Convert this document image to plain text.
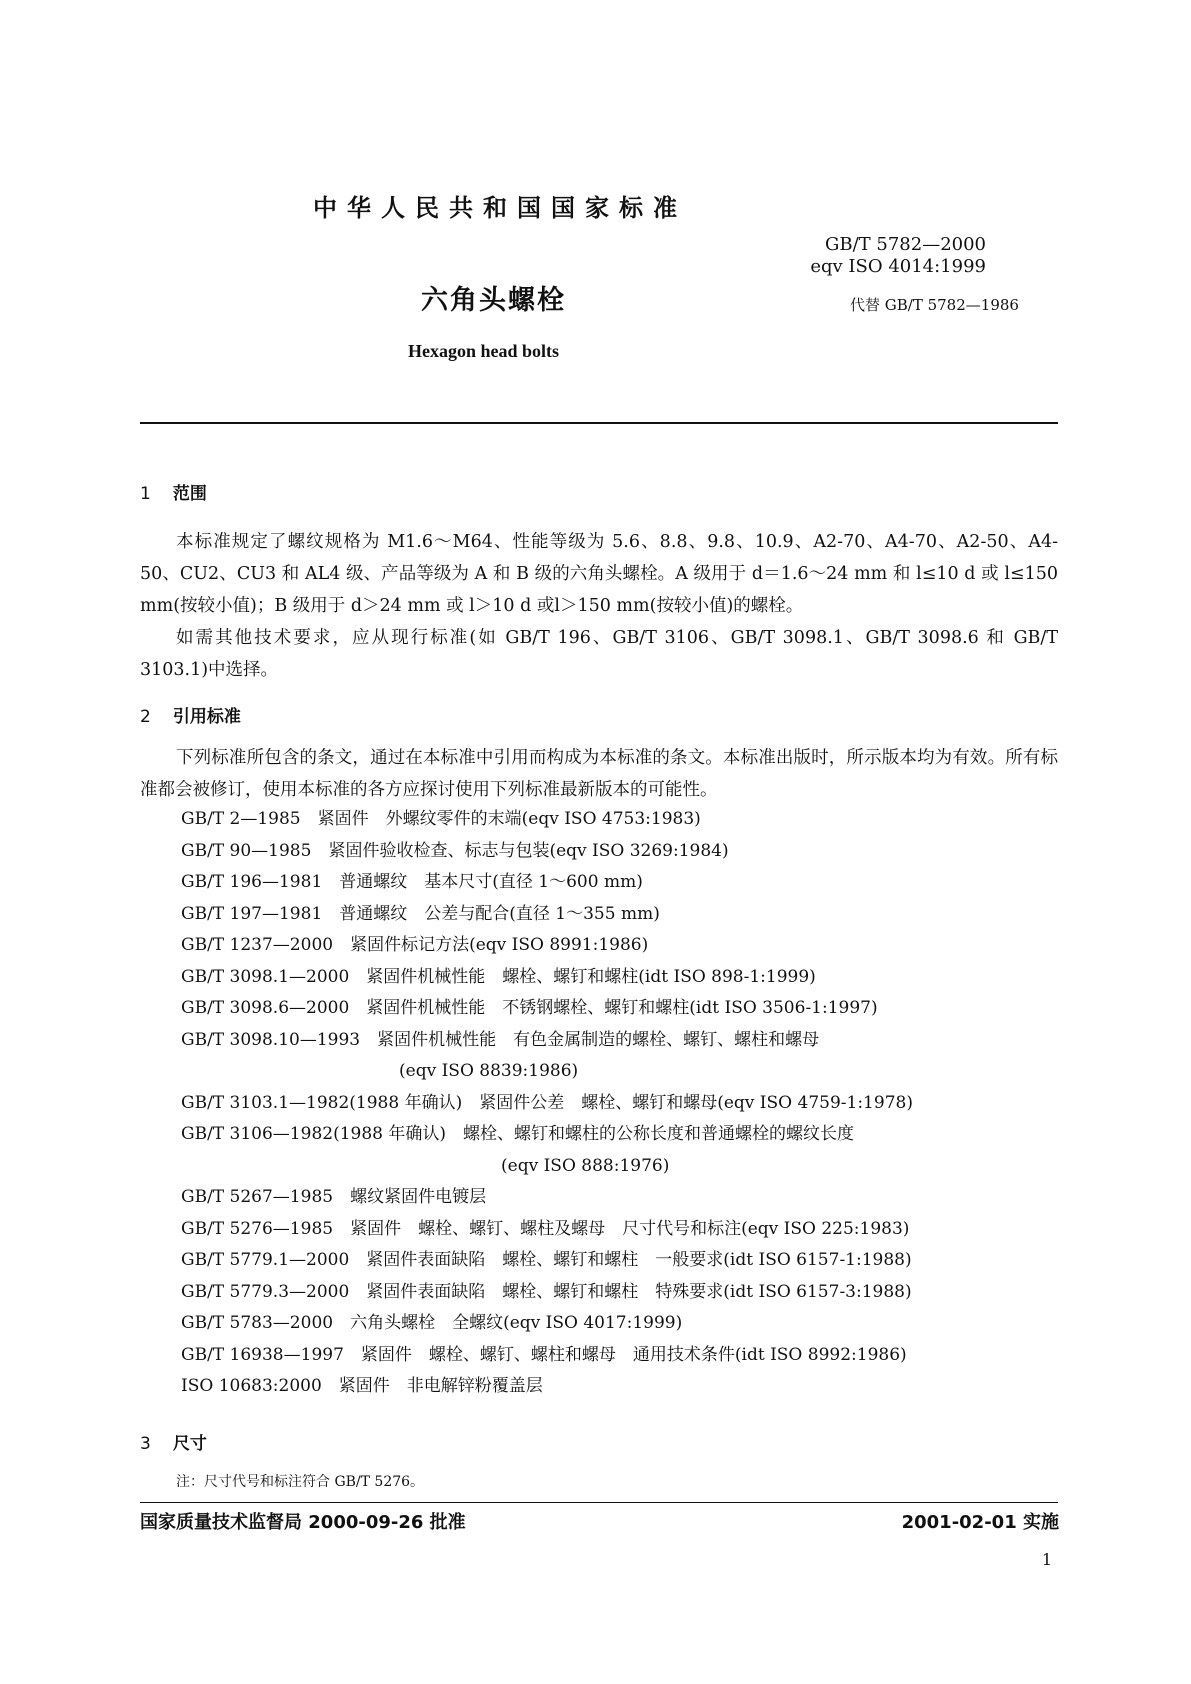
中华人民共和国国家标准
GB/T 5782—2000
eqv ISO 4014:1999
六角头螺栓	代替 GB/T 5782—1986
Hexagon head bolts
1 范围

本标准规定了螺纹规格为 M1.6～M64、性能等级为 5.6、8.8、9.8、10.9、A2-70、A4-70、A2-50、A4-50、CU2、CU3 和 AL4 级、产品等级为 A 和 B 级的六角头螺栓。A 级用于 d＝1.6～24 mm 和 l≤10 d 或 l≤150 mm(按较小值)；B 级用于 d＞24 mm 或 l＞10 d 或l＞150 mm(按较小值)的螺栓。

如需其他技术要求，应从现行标准(如 GB/T 196、GB/T 3106、GB/T 3098.1、GB/T 3098.6 和 GB/T 3103.1)中选择。

2 引用标准

下列标准所包含的条文，通过在本标准中引用而构成为本标准的条文。本标准出版时，所示版本均为有效。所有标准都会被修订，使用本标准的各方应探讨使用下列标准最新版本的可能性。

GB/T 2—1985　紧固件　外螺纹零件的末端(eqv ISO 4753:1983)
GB/T 90—1985　紧固件验收检查、标志与包装(eqv ISO 3269:1984)
GB/T 196—1981　普通螺纹　基本尺寸(直径 1～600 mm)
GB/T 197—1981　普通螺纹　公差与配合(直径 1～355 mm)
GB/T 1237—2000　紧固件标记方法(eqv ISO 8991:1986)
GB/T 3098.1—2000　紧固件机械性能　螺栓、螺钉和螺柱(idt ISO 898-1:1999)
GB/T 3098.6—2000　紧固件机械性能　不锈钢螺栓、螺钉和螺柱(idt ISO 3506-1:1997)
GB/T 3098.10—1993　紧固件机械性能　有色金属制造的螺栓、螺钉、螺柱和螺母
(eqv ISO 8839:1986)
GB/T 3103.1—1982(1988 年确认)　紧固件公差　螺栓、螺钉和螺母(eqv ISO 4759-1:1978)
GB/T 3106—1982(1988 年确认)　螺栓、螺钉和螺柱的公称长度和普通螺栓的螺纹长度
(eqv ISO 888:1976)
GB/T 5267—1985　螺纹紧固件电镀层
GB/T 5276—1985　紧固件　螺栓、螺钉、螺柱及螺母　尺寸代号和标注(eqv ISO 225:1983)
GB/T 5779.1—2000　紧固件表面缺陷　螺栓、螺钉和螺柱　一般要求(idt ISO 6157-1:1988)
GB/T 5779.3—2000　紧固件表面缺陷　螺栓、螺钉和螺柱　特殊要求(idt ISO 6157-3:1988)
GB/T 5783—2000　六角头螺栓　全螺纹(eqv ISO 4017:1999)
GB/T 16938—1997　紧固件　螺栓、螺钉、螺柱和螺母　通用技术条件(idt ISO 8992:1986)
ISO 10683:2000　紧固件　非电解锌粉覆盖层
3 尺寸
注：尺寸代号和标注符合 GB/T 5276。
国家质量技术监督局 2000-09-26 批准	2001-02-01 实施
1
